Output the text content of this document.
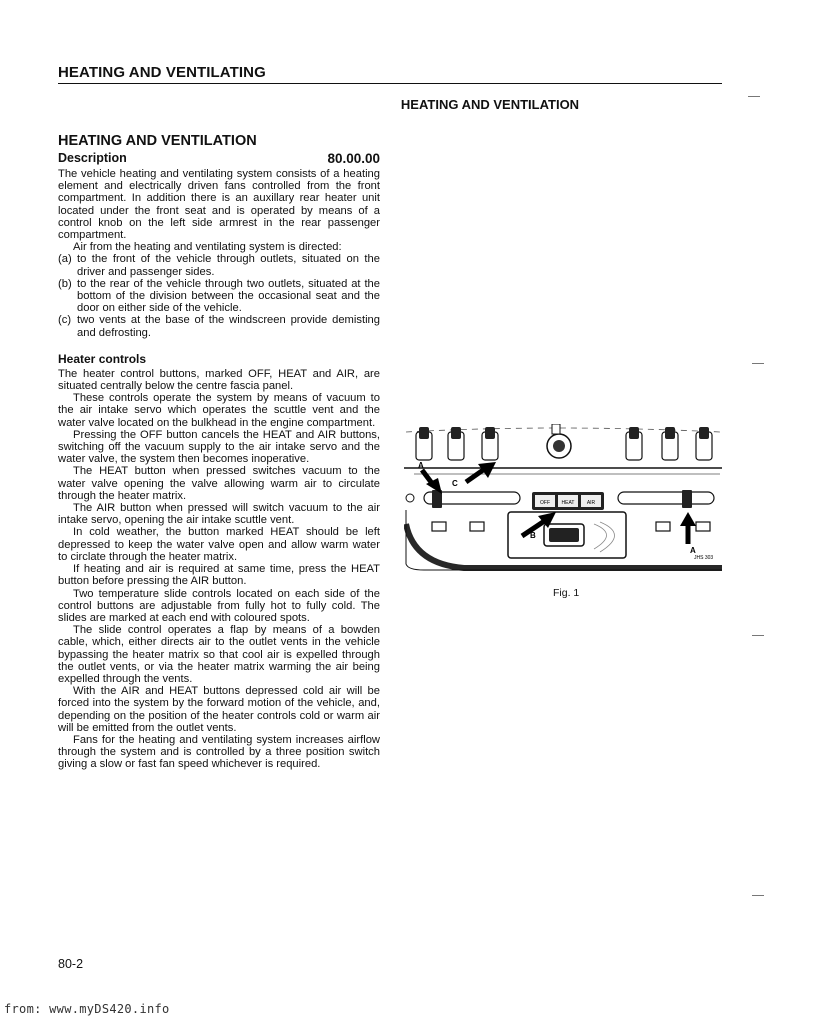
HEATING AND VENTILATING
HEATING AND VENTILATION
HEATING AND VENTILATION
Description	80.00.00

The vehicle heating and ventilating system consists of a heating element and electrically driven fans controlled from the front compartment. In addition there is an auxillary rear heater unit located under the front seat and is operated by means of a control knob on the left side armrest in the rear passenger compartment.

Air from the heating and ventilating system is directed:

(a) to the front of the vehicle through outlets, situated on the driver and passenger sides.
(b) to the rear of the vehicle through two outlets, situated at the bottom of the division between the occasional seat and the door on either side of the vehicle.
(c) two vents at the base of the windscreen provide demisting and defrosting.
Heater controls

The heater control buttons, marked OFF, HEAT and AIR, are situated centrally below the centre fascia panel.

These controls operate the system by means of vacuum to the air intake servo which operates the scuttle vent and the water valve located on the bulkhead in the engine compartment.

Pressing the OFF button cancels the HEAT and AIR buttons, switching off the vacuum supply to the air intake servo and the water valve, the system then becomes inoperative.

The HEAT button when pressed switches vacuum to the water valve opening the valve allowing warm air to circulate through the heater matrix.

The AIR button when pressed will switch vacuum to the air intake servo, opening the air intake scuttle vent.

In cold weather, the button marked HEAT should be left depressed to keep the water valve open and allow warm water to circlate through the heater matrix.

If heating and air is required at same time, press the HEAT button before pressing the AIR button.

Two temperature slide controls located on each side of the control buttons are adjustable from fully hot to fully cold. The slides are marked at each end with coloured spots.

The slide control operates a flap by means of a bowden cable, which, either directs air to the outlet vents in the vehicle bypassing the heater matrix so that cool air is expelled through the outlet vents, or via the heater matrix warming the air being expelled through the vents.

With the AIR and HEAT buttons depressed cold air will be forced into the system by the forward motion of the vehicle, and, depending on the position of the heater controls cold or warm air will be emitted from the outlet vents.

Fans for the heating and ventilating system increases airflow through the system and is controlled by a three position switch giving a slow or fast fan speed whichever is required.

OFF HEAT AIR
A
C
B
A
JHS 303
Fig. 1
80-2
from: www.myDS420.info
